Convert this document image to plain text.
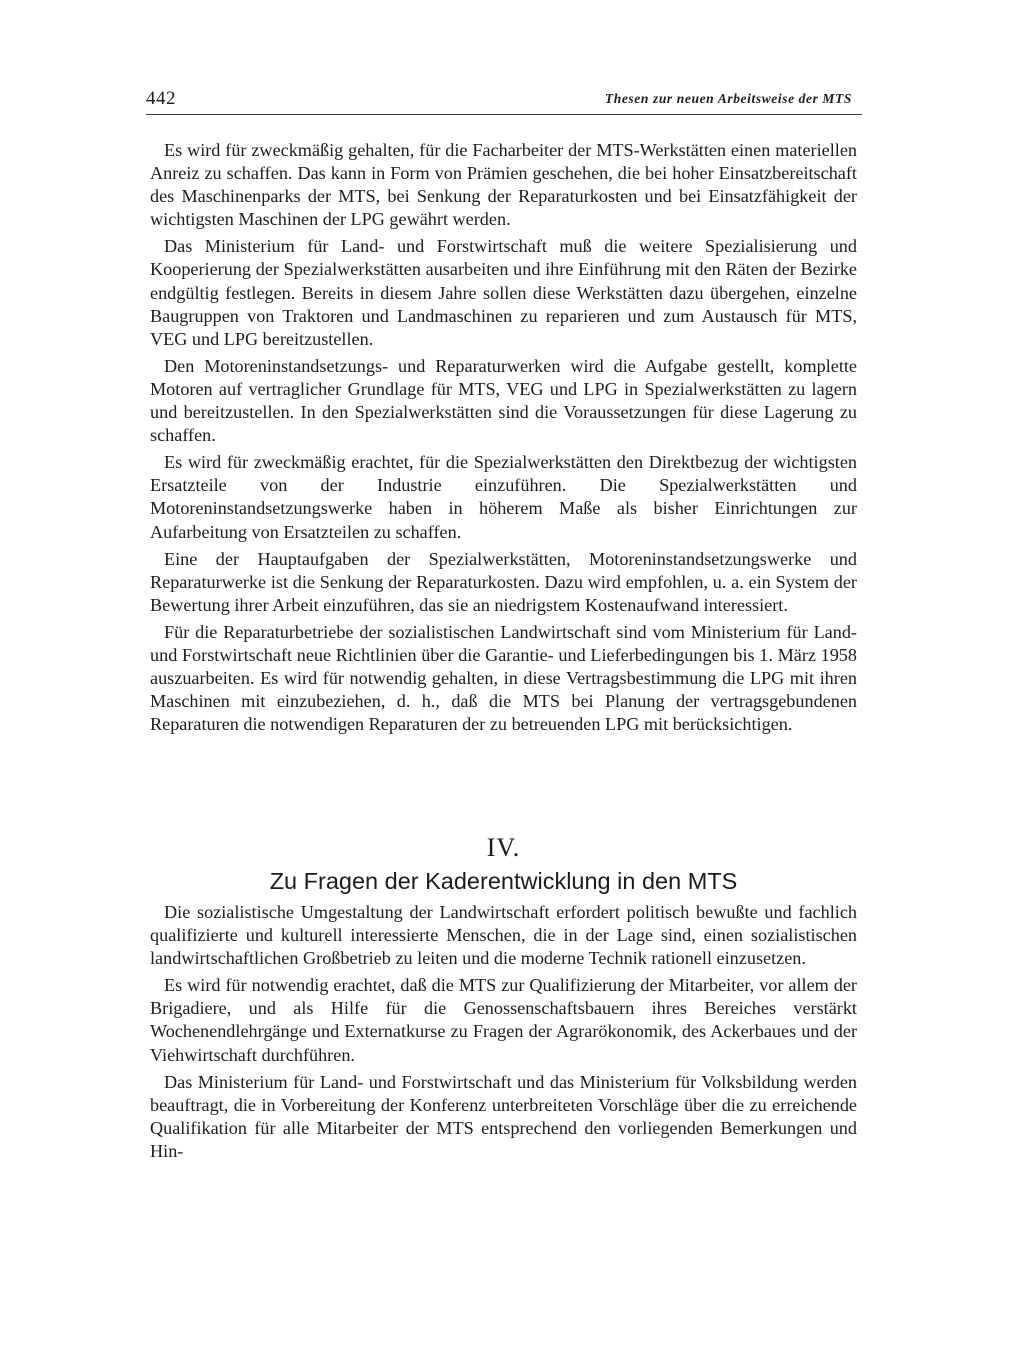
442	Thesen zur neuen Arbeitsweise der MTS

Es wird für zweckmäßig gehalten, für die Facharbeiter der MTS-Werkstätten einen materiellen Anreiz zu schaffen. Das kann in Form von Prämien geschehen, die bei hoher Einsatzbereitschaft des Maschinenparks der MTS, bei Senkung der Reparaturkosten und bei Einsatzfähigkeit der wichtigsten Maschinen der LPG gewährt werden.

Das Ministerium für Land- und Forstwirtschaft muß die weitere Spezialisierung und Kooperierung der Spezialwerkstätten ausarbeiten und ihre Einführung mit den Räten der Bezirke endgültig festlegen. Bereits in diesem Jahre sollen diese Werkstätten dazu übergehen, einzelne Baugruppen von Traktoren und Landmaschinen zu reparieren und zum Austausch für MTS, VEG und LPG bereitzustellen.

Den Motoreninstandsetzungs- und Reparaturwerken wird die Aufgabe gestellt, komplette Motoren auf vertraglicher Grundlage für MTS, VEG und LPG in Spezialwerkstätten zu lagern und bereitzustellen. In den Spezialwerkstätten sind die Voraussetzungen für diese Lagerung zu schaffen.

Es wird für zweckmäßig erachtet, für die Spezialwerkstätten den Direktbezug der wichtigsten Ersatzteile von der Industrie einzuführen. Die Spezialwerkstätten und Motoreninstandsetzungswerke haben in höherem Maße als bisher Einrichtungen zur Aufarbeitung von Ersatzteilen zu schaffen.

Eine der Hauptaufgaben der Spezialwerkstätten, Motoreninstandsetzungswerke und Reparaturwerke ist die Senkung der Reparaturkosten. Dazu wird empfohlen, u. a. ein System der Bewertung ihrer Arbeit einzuführen, das sie an niedrigstem Kostenaufwand interessiert.

Für die Reparaturbetriebe der sozialistischen Landwirtschaft sind vom Ministerium für Land- und Forstwirtschaft neue Richtlinien über die Garantie- und Lieferbedingungen bis 1. März 1958 auszuarbeiten. Es wird für notwendig gehalten, in diese Vertragsbestimmung die LPG mit ihren Maschinen mit einzubeziehen, d. h., daß die MTS bei Planung der vertragsgebundenen Reparaturen die notwendigen Reparaturen der zu betreuenden LPG mit berücksichtigen.

IV.
Zu Fragen der Kaderentwicklung in den MTS

Die sozialistische Umgestaltung der Landwirtschaft erfordert politisch bewußte und fachlich qualifizierte und kulturell interessierte Menschen, die in der Lage sind, einen sozialistischen landwirtschaftlichen Großbetrieb zu leiten und die moderne Technik rationell einzusetzen.

Es wird für notwendig erachtet, daß die MTS zur Qualifizierung der Mitarbeiter, vor allem der Brigadiere, und als Hilfe für die Genossenschaftsbauern ihres Bereiches verstärkt Wochenendlehrgänge und Externatkurse zu Fragen der Agrarökonomik, des Ackerbaues und der Viehwirtschaft durchführen.

Das Ministerium für Land- und Forstwirtschaft und das Ministerium für Volksbildung werden beauftragt, die in Vorbereitung der Konferenz unterbreiteten Vorschläge über die zu erreichende Qualifikation für alle Mitarbeiter der MTS entsprechend den vorliegenden Bemerkungen und Hin-
